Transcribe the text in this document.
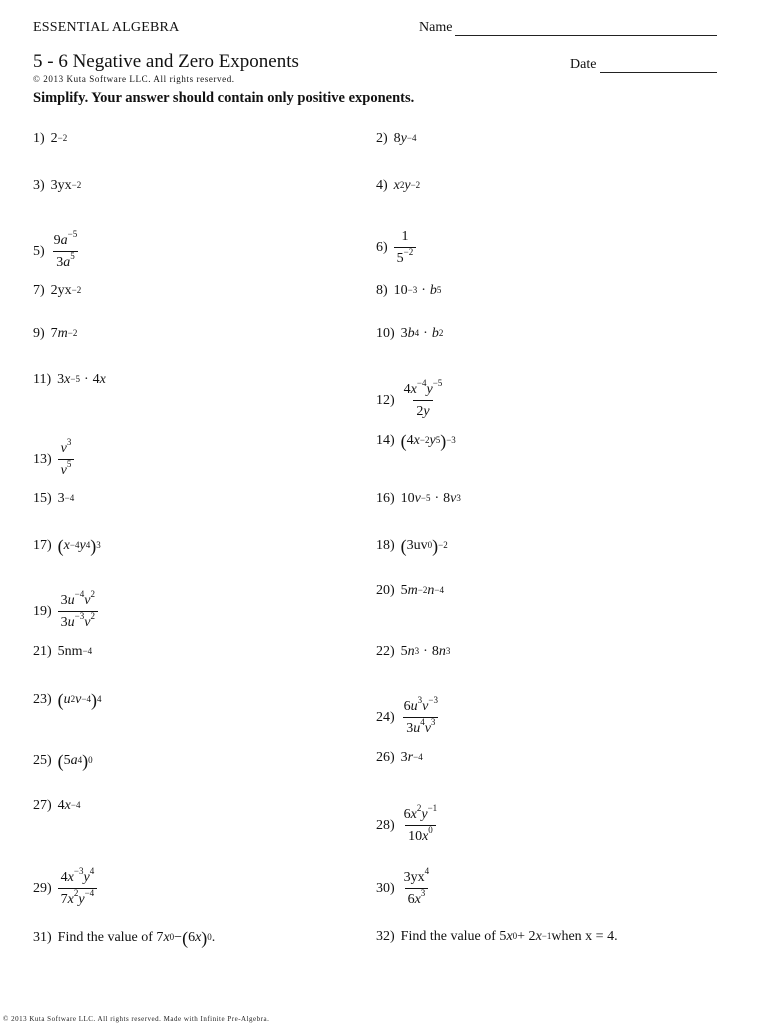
ESSENTIAL ALGEBRA	Name
5 - 6 Negative and Zero Exponents	Date
© 2013 Kuta Software LLC. All rights reserved.
Simplify. Your answer should contain only positive exponents.
1) $2^{-2}$
3) $3yx^{-2}$
$5) \frac{9a^{-5}}{3a^5}$
7) $2yx^{-2}$
9) 7 $m^{-2}$
11) 3 $x^{-5} \cdot 4$ x
$13) \frac{v^3}{v^5}$
15) $3^{-4}$
17) ( $x^{-4}$ $y^4$ )$^3$
$19) \frac{3u^{-4}v^2}{3u^{-3}v^2}$
21) $5nm^{-4}$
23) ( $u^2$ $v^{-4}$ )$^4$
25) ( 5 $a^4$ )$^0$
27) 4 $x^{-4}$
$29) \frac{4x^{-3}y^4}{7x^2y^{-4}}$
31) Find the value of 7 $x^0$ − ( 6 x )$^0$ .
2) 8 $y^{-4}$
4) $x^2$ $y^{-2}$
$6) \frac{1}{5^{-2}}$
8) $10^{-3} \cdot b^5$
10) 3 $b^4 \cdot b^2$
$12) \frac{4x^{-4}y^{-5}}{2y}$
14) ( 4 $x^{-2}$ $y^5$ )$^{-3}$
16) 10 $v^{-5} \cdot 8$ $v^3$
18) ( $3uv^0$ )$^{-2}$
20) 5 $m^{-2}$ $n^{-4}$
22) 5 $n^3 \cdot 8$ $n^3$
$24) \frac{6u^3v^{-3}}{3u^4v^3}$
26) 3 $r^{-4}$
$28) \frac{6x^2y^{-1}}{10x^0}$
$30) \frac{3yx^4}{6x^3}$
32) Find the value of 5 $x^0 + 2$ $x^{-1}$ when x = 4.
© 2013 Kuta Software LLC. All rights reserved. Made with Infinite Pre-Algebra.
